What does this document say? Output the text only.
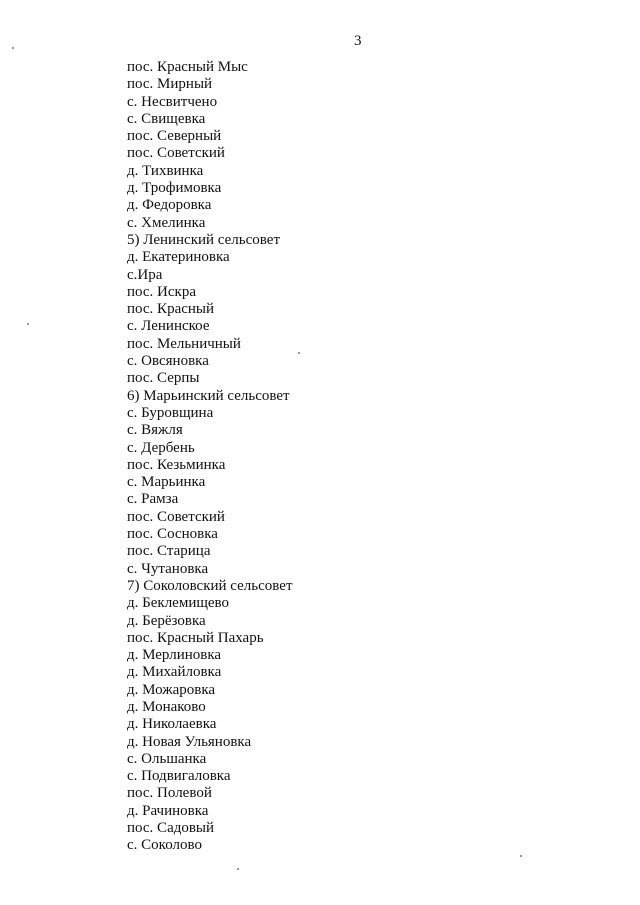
3
пос. Красный Мыс
пос. Мирный
с. Несвитчено
с. Свищевка
пос. Северный
пос. Советский
д. Тихвинка
д. Трофимовка
д. Федоровка
с. Хмелинка
5) Ленинский сельсовет
д. Екатериновка
с.Ира
пос. Искра
пос. Красный
с. Ленинское
пос. Мельничный
с. Овсяновка
пос. Серпы
6) Марьинский сельсовет
с. Буровщина
с. Вяжля
с. Дербень
пос. Кезьминка
с. Марьинка
с. Рамза
пос. Советский
пос. Сосновка
пос. Старица
с. Чутановка
7) Соколовский сельсовет
д. Беклемищево
д. Берёзовка
пос. Красный Пахарь
д. Мерлиновка
д. Михайловка
д. Можаровка
д. Монаково
д. Николаевка
д. Новая Ульяновка
с. Ольшанка
с. Подвигаловка
пос. Полевой
д. Рачиновка
пос. Садовый
с. Соколово
